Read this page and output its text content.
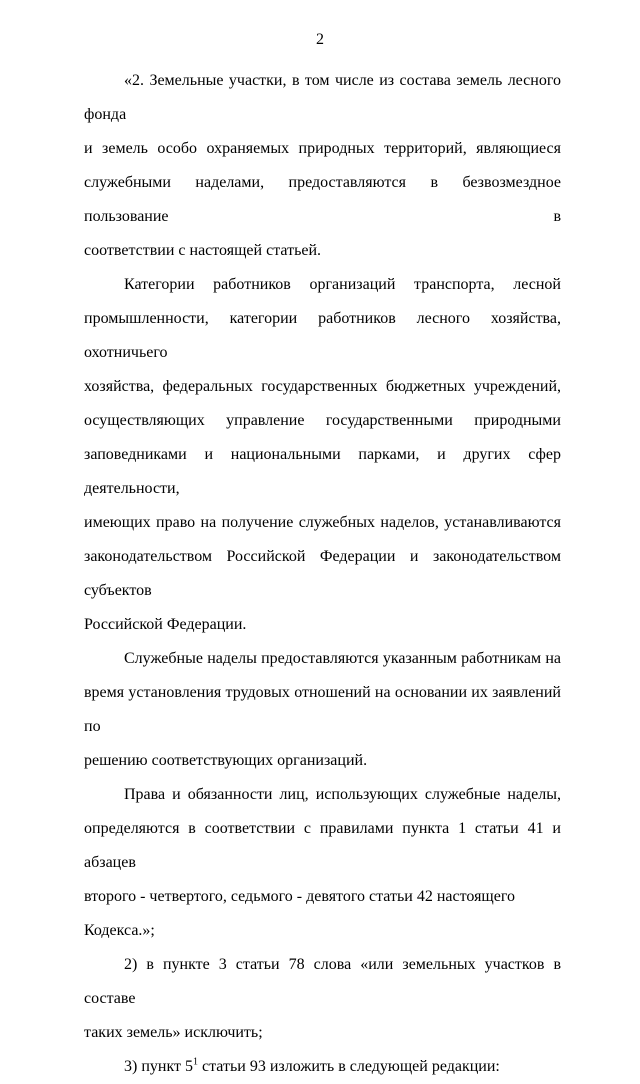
2
«2. Земельные участки, в том числе из состава земель лесного фонда
и земель особо охраняемых природных территорий, являющиеся
служебными наделами, предоставляются в безвозмездное пользование в
соответствии с настоящей статьей.
Категории работников организаций транспорта, лесной
промышленности, категории работников лесного хозяйства, охотничьего
хозяйства, федеральных государственных бюджетных учреждений,
осуществляющих управление государственными природными
заповедниками и национальными парками, и других сфер деятельности,
имеющих право на получение служебных наделов, устанавливаются
законодательством Российской Федерации и законодательством субъектов
Российской Федерации.
Служебные наделы предоставляются указанным работникам на
время установления трудовых отношений на основании их заявлений по
решению соответствующих организаций.
Права и обязанности лиц, использующих служебные наделы,
определяются в соответствии с правилами пункта 1 статьи 41 и абзацев
второго - четвертого, седьмого - девятого статьи 42 настоящего Кодекса.»;
2) в пункте 3 статьи 78 слова «или земельных участков в составе
таких земель» исключить;
3) пункт $5^1$ статьи 93 изложить в следующей редакции:
